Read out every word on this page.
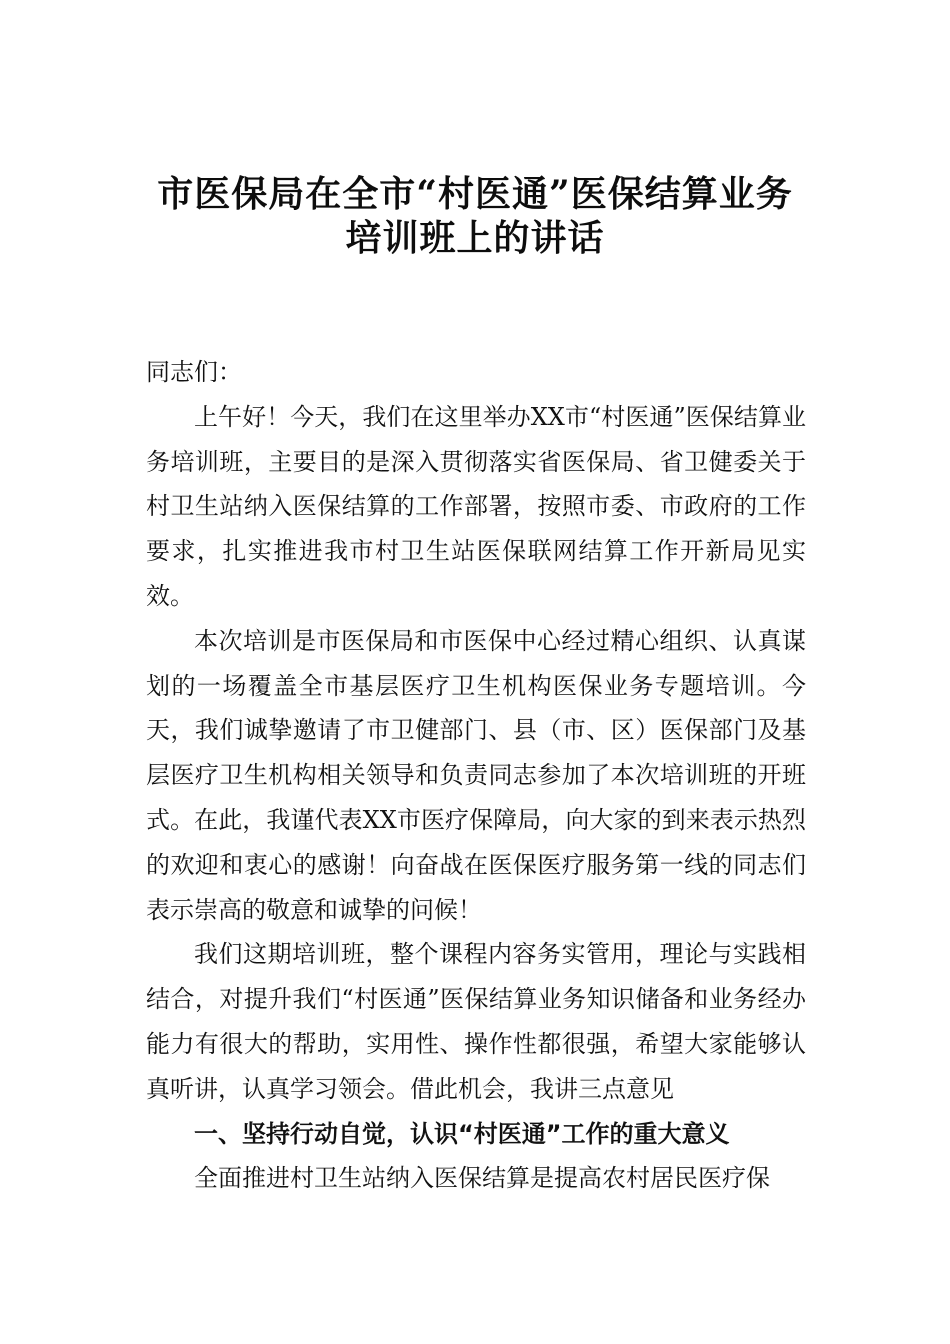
市医保局在全市“村医通”医保结算业务
培训班上的讲话

同志们：

上午好！今天，我们在这里举办XX市“村医通”医保结算业务培训班，主要目的是深入贯彻落实省医保局、省卫健委关于村卫生站纳入医保结算的工作部署，按照市委、市政府的工作要求，扎实推进我市村卫生站医保联网结算工作开新局见实效。

本次培训是市医保局和市医保中心经过精心组织、认真谋划的一场覆盖全市基层医疗卫生机构医保业务专题培训。今天，我们诚挚邀请了市卫健部门、县（市、区）医保部门及基层医疗卫生机构相关领导和负责同志参加了本次培训班的开班式。在此，我谨代表XX市医疗保障局，向大家的到来表示热烈的欢迎和衷心的感谢！向奋战在医保医疗服务第一线的同志们表示崇高的敬意和诚挚的问候！

我们这期培训班，整个课程内容务实管用，理论与实践相结合，对提升我们“村医通”医保结算业务知识储备和业务经办能力有很大的帮助，实用性、操作性都很强，希望大家能够认真听讲，认真学习领会。借此机会，我讲三点意见

一、坚持行动自觉，认识“村医通”工作的重大意义

全面推进村卫生站纳入医保结算是提高农村居民医疗保
